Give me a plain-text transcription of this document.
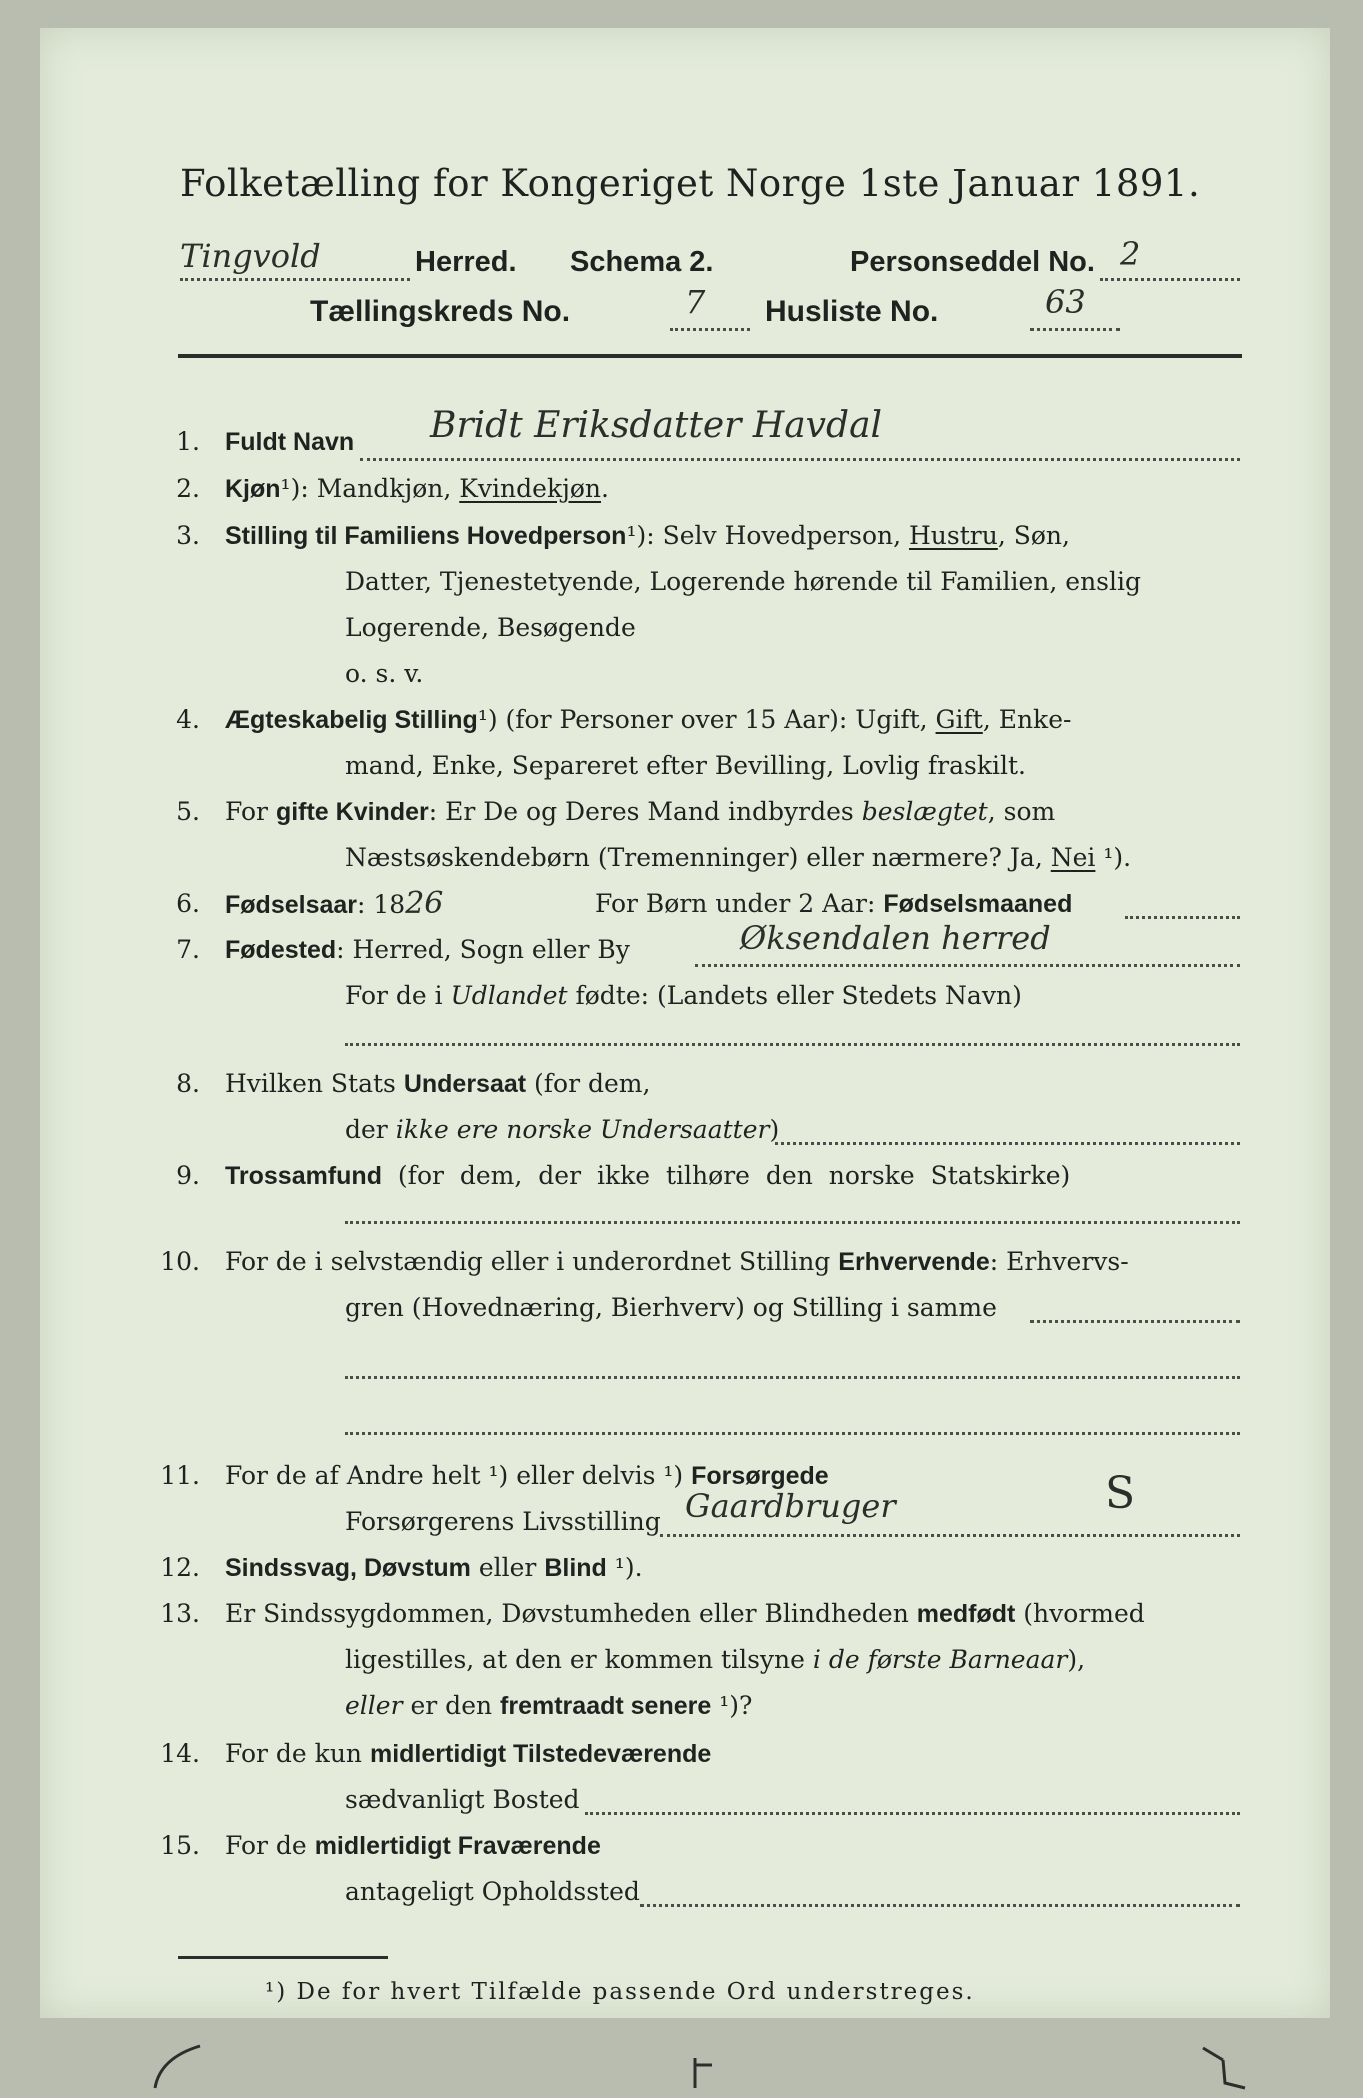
Folketælling for Kongeriget Norge 1ste Januar 1891.
Tingvold	Herred. Schema 2.	Personseddel No. 2
Tællingskreds No.	7 Husliste No.	63
1. Fuldt Navn Bridt Eriksdatter Havdal
2. Kjøn¹): Mandkjøn, Kvindekjøn.
3. Stilling til Familiens Hovedperson¹): Selv Hovedperson, Hustru, Søn,
Datter, Tjenestetyende, Logerende hørende til Familien, enslig
Logerende, Besøgende
o. s. v.
4. Ægteskabelig Stilling¹) (for Personer over 15 Aar): Ugift, Gift, Enke-
mand, Enke, Separeret efter Bevilling, Lovlig fraskilt.
5. For gifte Kvinder: Er De og Deres Mand indbyrdes beslægtet, som
Næstsøskendebørn (Tremenninger) eller nærmere? Ja, Nei ¹).
6. Fødselsaar: 1826	For Børn under 2 Aar: Fødselsmaaned
7. Fødested: Herred, Sogn eller By	Øksendalen herred
For de i Udlandet fødte: (Landets eller Stedets Navn)
8. Hvilken Stats Undersaat (for dem,
der ikke ere norske Undersaatter)
9. Trossamfund (for dem, der ikke tilhøre den norske Statskirke)
10. For de i selvstændig eller i underordnet Stilling Erhvervende: Erhvervs-
gren (Hovednæring, Bierhverv) og Stilling i samme
11. For de af Andre helt ¹) eller delvis ¹) Forsørgede
Forsørgerens Livsstilling Gaardbruger	S
12. Sindssvag, Døvstum eller Blind ¹).
13. Er Sindssygdommen, Døvstumheden eller Blindheden medfødt (hvormed
ligestilles, at den er kommen tilsyne i de første Barneaar),
eller er den fremtraadt senere ¹)?
14. For de kun midlertidigt Tilstedeværende
sædvanligt Bosted
15. For de midlertidigt Fraværende
antageligt Opholdssted
¹) De for hvert Tilfælde passende Ord understreges.
